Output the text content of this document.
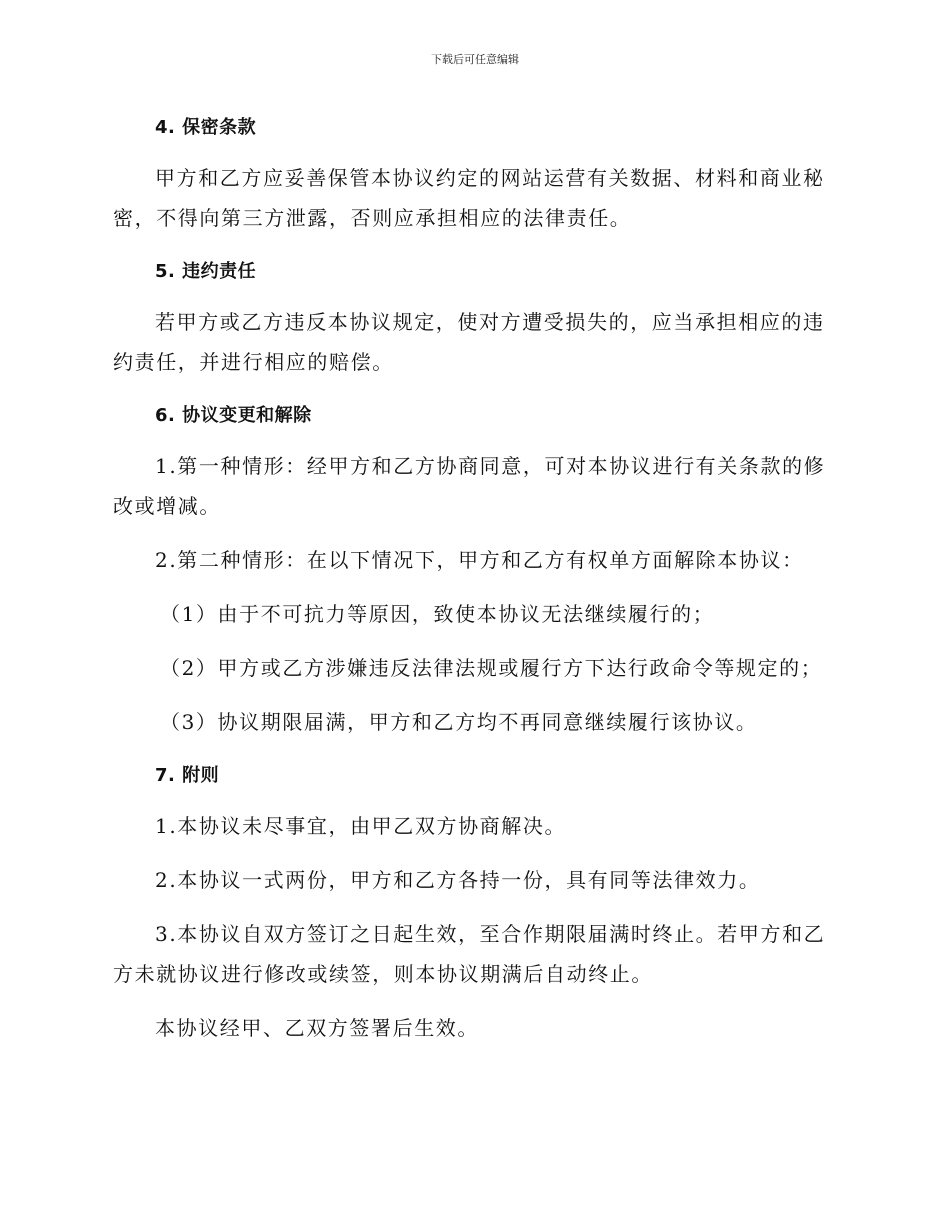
下载后可任意编辑
4. 保密条款
甲方和乙方应妥善保管本协议约定的网站运营有关数据、材料和商业秘密，不得向第三方泄露，否则应承担相应的法律责任。
5. 违约责任
若甲方或乙方违反本协议规定，使对方遭受损失的，应当承担相应的违约责任，并进行相应的赔偿。
6. 协议变更和解除
1.第一种情形：经甲方和乙方协商同意，可对本协议进行有关条款的修改或增减。
2.第二种情形：在以下情况下，甲方和乙方有权单方面解除本协议：
（1）由于不可抗力等原因，致使本协议无法继续履行的；
（2）甲方或乙方涉嫌违反法律法规或履行方下达行政命令等规定的；
（3）协议期限届满，甲方和乙方均不再同意继续履行该协议。
7. 附则
1.本协议未尽事宜，由甲乙双方协商解决。
2.本协议一式两份，甲方和乙方各持一份，具有同等法律效力。
3.本协议自双方签订之日起生效，至合作期限届满时终止。若甲方和乙方未就协议进行修改或续签，则本协议期满后自动终止。
本协议经甲、乙双方签署后生效。
